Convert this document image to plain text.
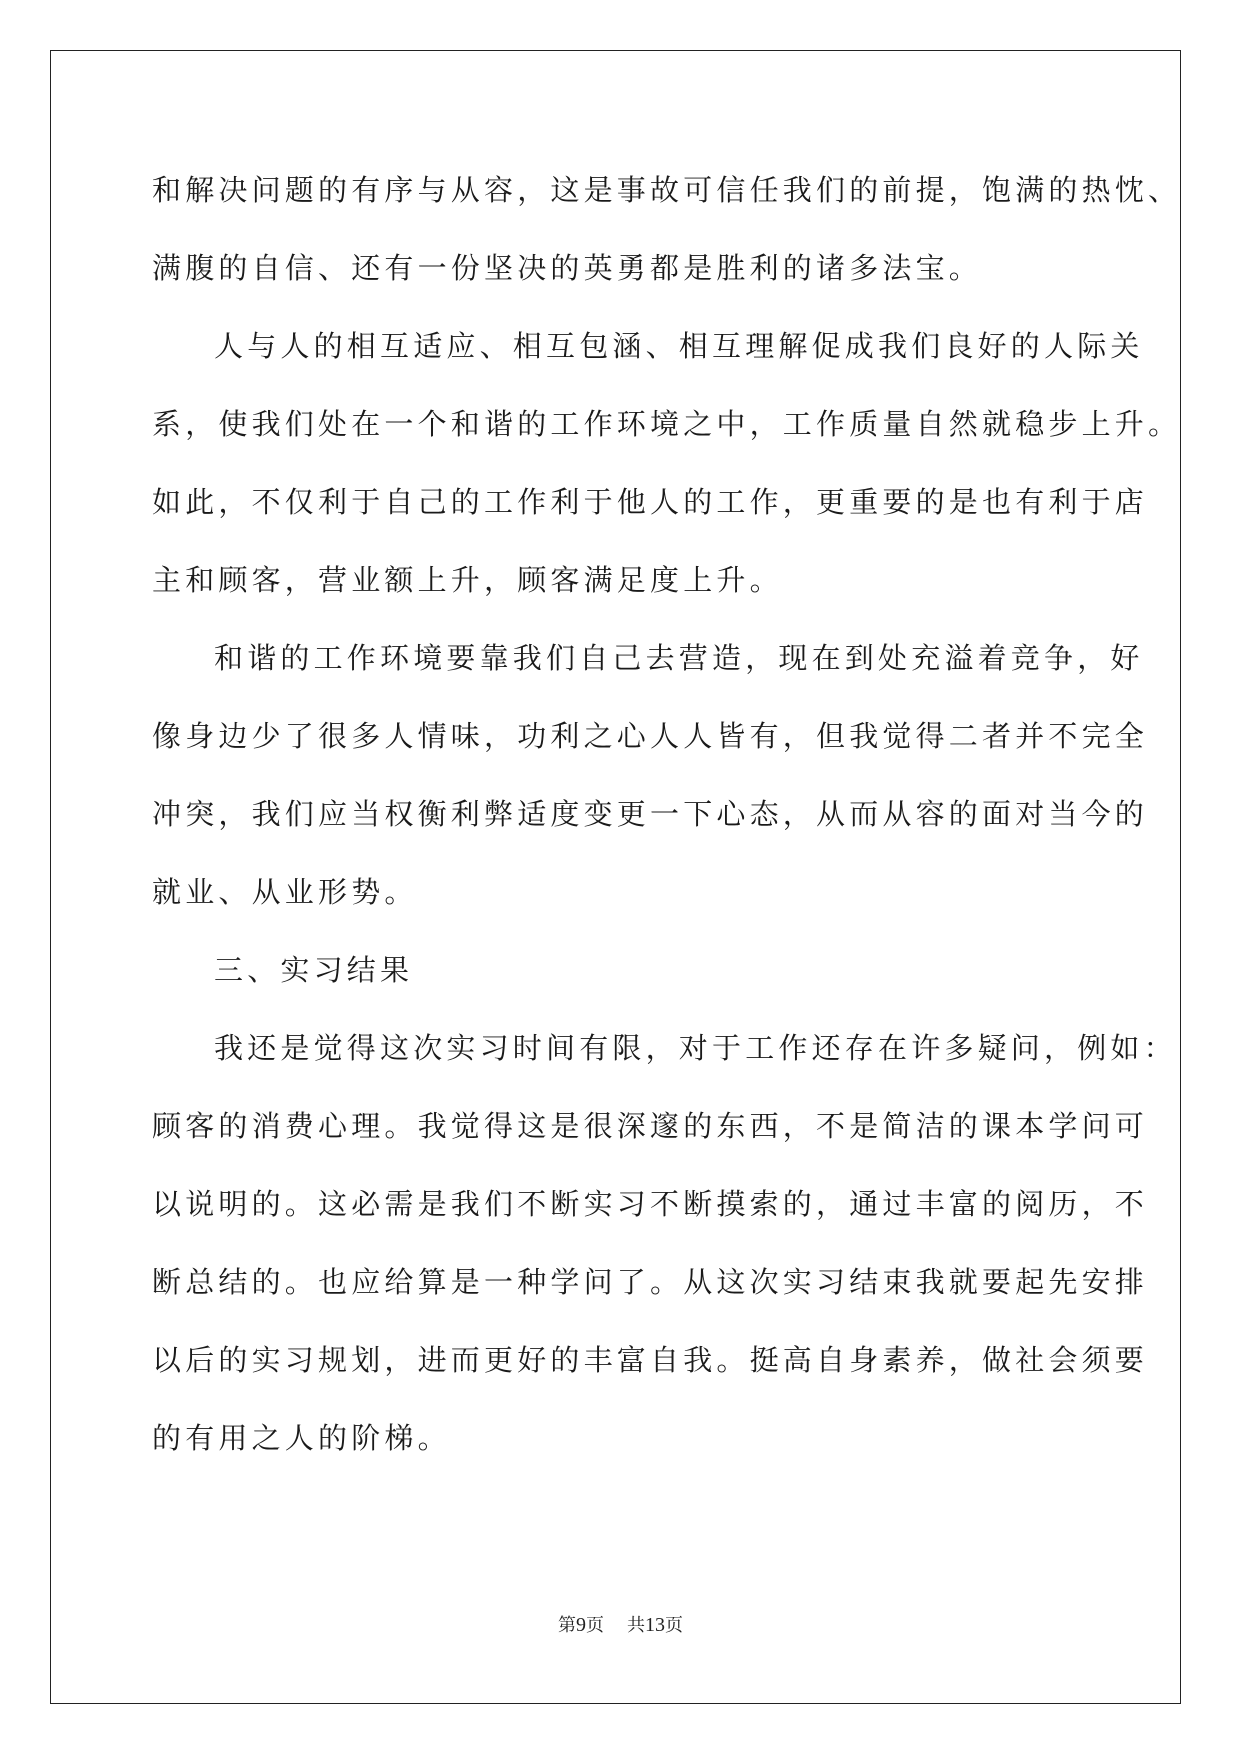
和解决问题的有序与从容，这是事故可信任我们的前提，饱满的热忱、
满腹的自信、还有一份坚决的英勇都是胜利的诸多法宝。
人与人的相互适应、相互包涵、相互理解促成我们良好的人际关
系，使我们处在一个和谐的工作环境之中，工作质量自然就稳步上升。
如此，不仅利于自己的工作利于他人的工作，更重要的是也有利于店
主和顾客，营业额上升，顾客满足度上升。
和谐的工作环境要靠我们自己去营造，现在到处充溢着竞争，好
像身边少了很多人情味，功利之心人人皆有，但我觉得二者并不完全
冲突，我们应当权衡利弊适度变更一下心态，从而从容的面对当今的
就业、从业形势。
三、实习结果
我还是觉得这次实习时间有限，对于工作还存在许多疑问，例如：
顾客的消费心理。我觉得这是很深邃的东西，不是简洁的课本学问可
以说明的。这必需是我们不断实习不断摸索的，通过丰富的阅历，不
断总结的。也应给算是一种学问了。从这次实习结束我就要起先安排
以后的实习规划，进而更好的丰富自我。挺高自身素养，做社会须要
的有用之人的阶梯。
第9页 共13页
